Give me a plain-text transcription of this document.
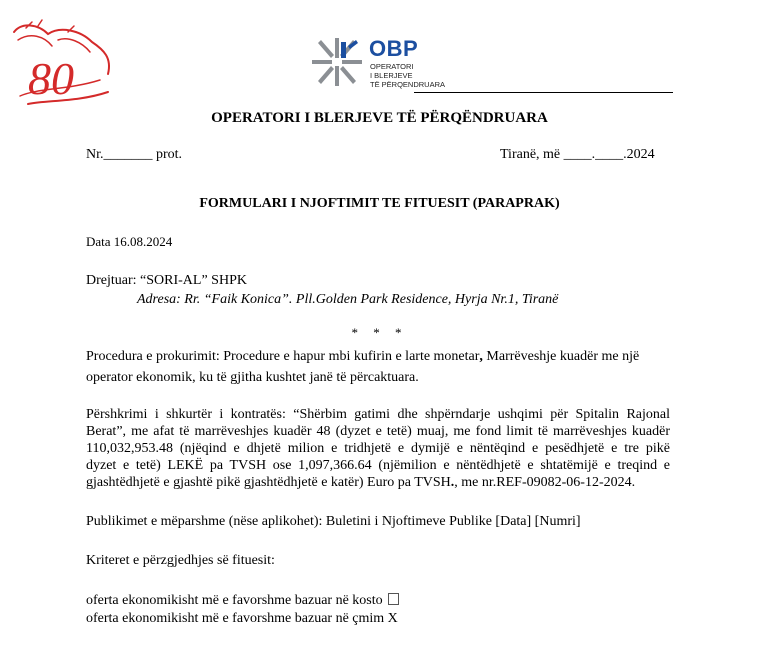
80
OBP
OPERATORI
I BLERJEVE
TË PËRQENDRUARA
OPERATORI I BLERJEVE TË PËRQËNDRUARA
Nr._______ prot.	Tiranë, më ____.____.2024
FORMULARI I NJOFTIMIT TE FITUESIT (PARAPRAK)
Data 16.08.2024
Drejtuar: “SORI-AL” SHPK
Adresa: Rr. “Faik Konica”. Pll.Golden Park Residence, Hyrja Nr.1, Tiranë
* * *
Procedura e prokurimit: Procedure e hapur mbi kufirin e larte monetar, Marrëveshje kuadër me një
operator ekonomik, ku të gjitha kushtet janë të përcaktuara.
Përshkrimi i shkurtër i kontratës: “Shërbim gatimi dhe shpërndarje ushqimi për Spitalin Rajonal
Berat”, me afat të marrëveshjes kuadër 48 (dyzet e tetë) muaj, me fond limit të marrëveshjes kuadër
110,032,953.48 (njëqind e dhjetë milion e tridhjetë e dymijë e nëntëqind e pesëdhjetë e tre pikë
dyzet e tetë) LEKË pa TVSH ose 1,097,366.64 (njëmilion e nëntëdhjetë e shtatëmijë e treqind e
gjashtëdhjetë e gjashtë pikë gjashtëdhjetë e katër) Euro pa TVSH., me nr.REF-09082-06-12-2024.
Publikimet e mëparshme (nëse aplikohet): Buletini i Njoftimeve Publike [Data] [Numri]
Kriteret e përzgjedhjes së fituesit:
oferta ekonomikisht më e favorshme bazuar në kosto
oferta ekonomikisht më e favorshme bazuar në çmim X
